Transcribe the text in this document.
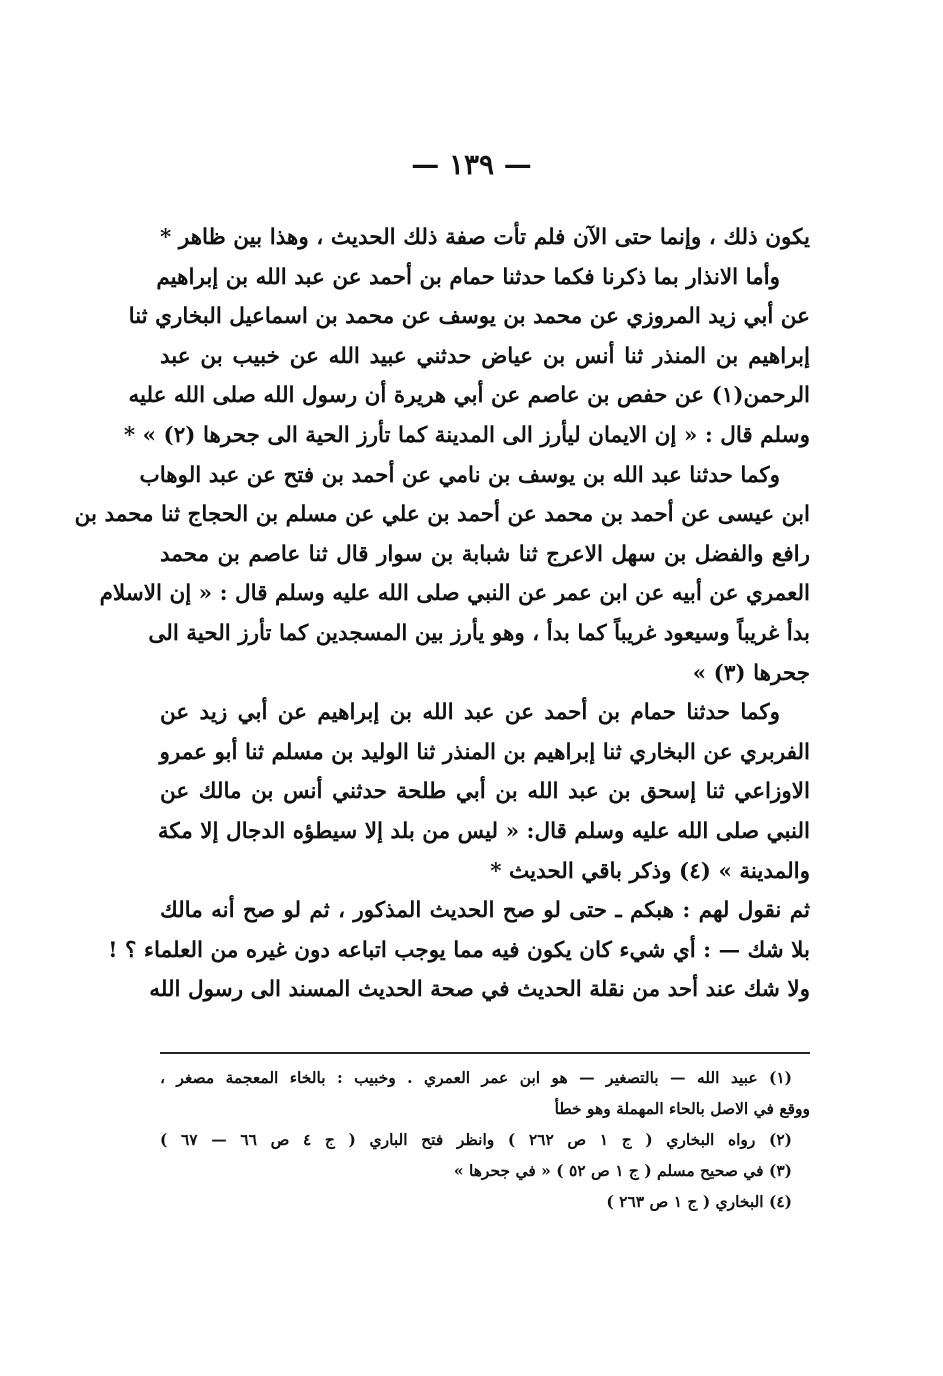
— ١٣٩ —
يكون ذلك ، وإنما حتى الآن فلم تأت صفة ذلك الحديث ، وهذا بين ظاهر *
وأما الانذار بما ذكرنا فكما حدثنا حمام بن أحمد عن عبد الله بن إبراهيم
عن أبي زيد المروزي عن محمد بن يوسف عن محمد بن اسماعيل البخاري ثنا
إبراهيم بن المنذر ثنا أنس بن عياض حدثني عبيد الله عن خبيب بن عبد
الرحمن(١) عن حفص بن عاصم عن أبي هريرة أن رسول الله صلى الله عليه
وسلم قال : « إن الايمان ليأرز الى المدينة كما تأرز الحية الى جحرها (٢) » *
وكما حدثنا عبد الله بن يوسف بن نامي عن أحمد بن فتح عن عبد الوهاب
ابن عيسى عن أحمد بن محمد عن أحمد بن علي عن مسلم بن الحجاج ثنا محمد بن
رافع والفضل بن سهل الاعرج ثنا شبابة بن سوار قال ثنا عاصم بن محمد
العمري عن أبيه عن ابن عمر عن النبي صلى الله عليه وسلم قال : « إن الاسلام
بدأ غريباً وسيعود غريباً كما بدأ ، وهو يأرز بين المسجدين كما تأرز الحية الى
جحرها (٣) »
وكما حدثنا حمام بن أحمد عن عبد الله بن إبراهيم عن أبي زيد عن
الفربري عن البخاري ثنا إبراهيم بن المنذر ثنا الوليد بن مسلم ثنا أبو عمرو
الاوزاعي ثنا إسحق بن عبد الله بن أبي طلحة حدثني أنس بن مالك عن
النبي صلى الله عليه وسلم قال: « ليس من بلد إلا سيطؤه الدجال إلا مكة
والمدينة » (٤) وذكر باقي الحديث *
ثم نقول لهم : هبكم ـ حتى لو صح الحديث المذكور ، ثم لو صح أنه مالك
بلا شك — : أي شيء كان يكون فيه مما يوجب اتباعه دون غيره من العلماء ؟ !
ولا شك عند أحد من نقلة الحديث في صحة الحديث المسند الى رسول الله
(١) عبيد الله — بالتصغير — هو ابن عمر العمري . وخبيب : بالخاء المعجمة مصغر ،
ووقع في الاصل بالحاء المهملة وهو خطأ
(٢) رواه البخاري ( ج ١ ص ٢٦٢ ) وانظر فتح الباري ( ج ٤ ص ٦٦ — ٦٧ )
(٣) في صحيح مسلم ( ج ١ ص ٥٢ ) « في جحرها »
(٤) البخاري ( ج ١ ص ٢٦٣ )
